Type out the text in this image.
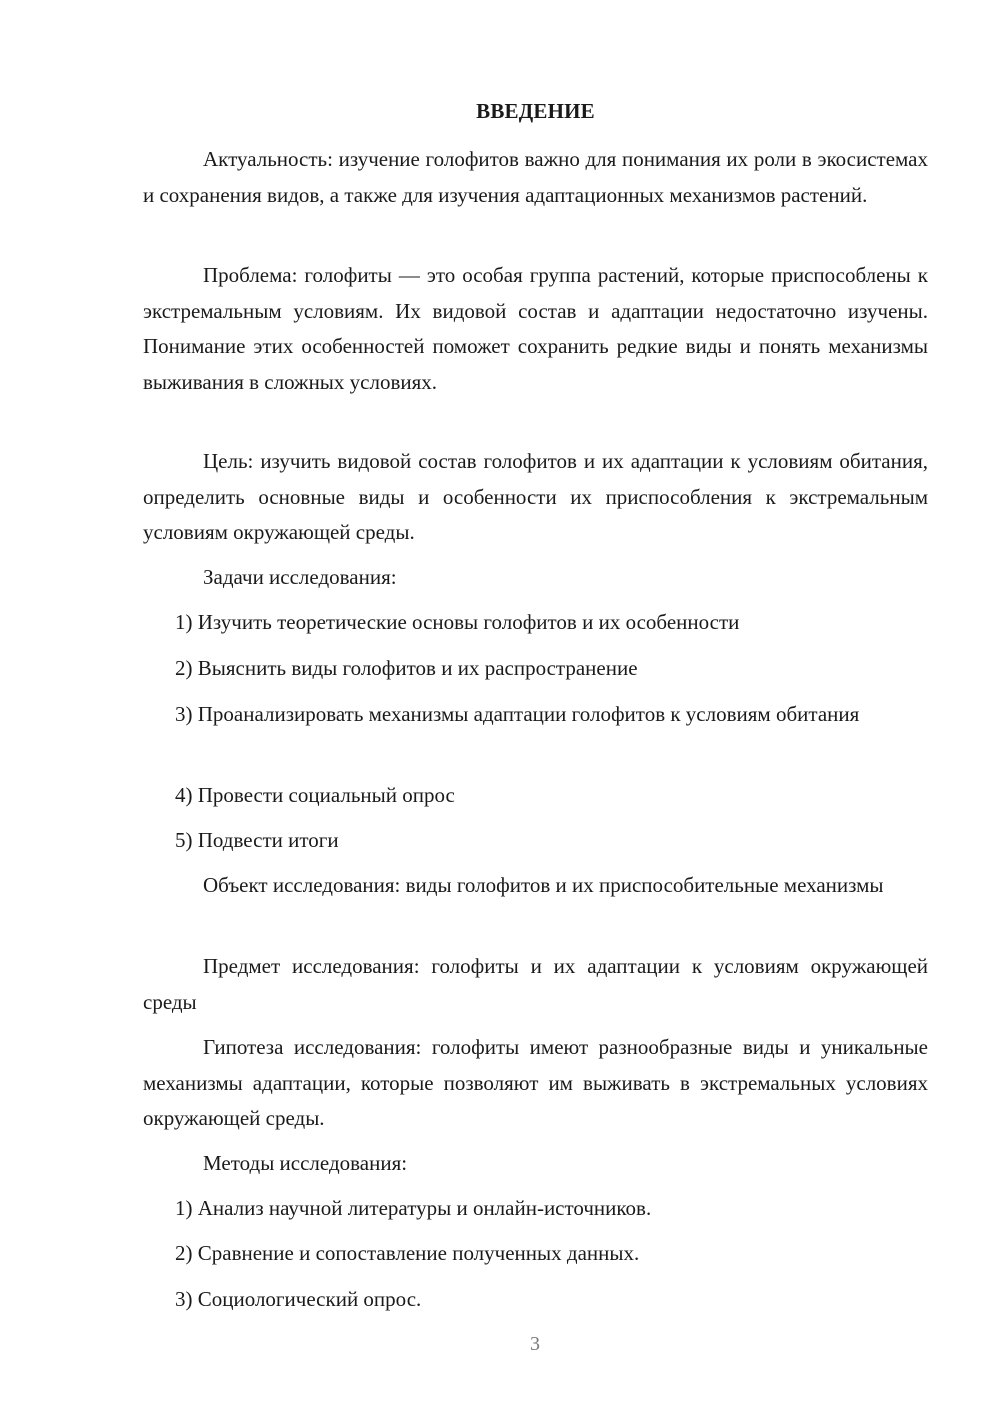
ВВЕДЕНИЕ

Актуальность: изучение голофитов важно для понимания их роли в экосистемах и сохранения видов, а также для изучения адаптационных механизмов растений.

Проблема: голофиты — это особая группа растений, которые приспособлены к экстремальным условиям. Их видовой состав и адаптации недостаточно изучены. Понимание этих особенностей поможет сохранить редкие виды и понять механизмы выживания в сложных условиях.

Цель: изучить видовой состав голофитов и их адаптации к условиям обитания, определить основные виды и особенности их приспособления к экстремальным условиям окружающей среды.

Задачи исследования:

1) Изучить теоретические основы голофитов и их особенности

2) Выяснить виды голофитов и их распространение

3) Проанализировать механизмы адаптации голофитов к условиям обитания

4) Провести социальный опрос

5) Подвести итоги

Объект исследования: виды голофитов и их приспособительные механизмы

Предмет исследования: голофиты и их адаптации к условиям окружающей среды

Гипотеза исследования: голофиты имеют разнообразные виды и уникальные механизмы адаптации, которые позволяют им выживать в экстремальных условиях окружающей среды.

Методы исследования:

1) Анализ научной литературы и онлайн-источников.

2) Сравнение и сопоставление полученных данных.

3) Социологический опрос.

3
